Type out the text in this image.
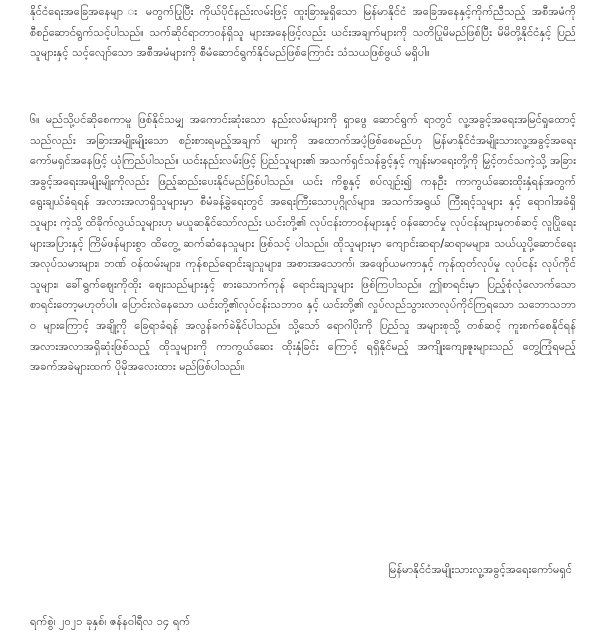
နိုင်ငံရေးအခြေအနေမျာ း မတွက်ပြုပြီး ကိုယ်ပိုင်နည်းလမ်းဖြင့် ထူးခြားမှုရှိသော မြန်မာနိုင်ငံ အခြေအနေနှင့်ကိုက်ညီသည့် အစီအမံကို စီစဉ်ဆောင်ရွက်သင့်ပါသည်။ သက်ဆိုင်ရာတာဝန်ရှိသူ များအနေဖြင့်လည်း ယင်းအချက်များကို သတိပြုမိမည်ဖြစ်ပြီး မိမိတို့နိုင်ငံနှင့် ပြည်သူများနှင့် သင့်လျော်သော အစီအမံများကို စီမံဆောင်ရွက်နိုင်မည်ဖြစ်ကြောင်း သံသယဖြစ်ဖွယ် မရှိပါ။

၆။ မည်သို့ပင်ဆိုစေကာမူ ဖြစ်နိုင်သမျှ အကောင်းဆုံးသော နည်းလမ်းများကို ရှာဖွေ ဆောင်ရွက် ရာတွင် လူ့အခွင့်အရေးအမြင်ရှုထောင့်သည်လည်း အခြားအမျိုးမျိုးသော စဉ်းစားရမည့်အချက် များကို အထောက်အပံ့ဖြစ်စေမည်ဟု မြန်မာနိုင်ငံအမျိုးသားလူ့အခွင့်အရေးကော်မရှင်အနေဖြင့် ယုံကြည်ပါသည်။ ယင်းနည်းလမ်းဖြင့် ပြည်သူများ၏ အသက်ရှင်သန်ခွင့်နှင့် ကျန်းမာရေးတို့ကို မြှင့်တင်သကဲ့သို့ အခြားအခွင့်အရေးအမျိုးမျိုးကိုလည်း ဖြည့်ဆည်းပေးနိုင်မည်ဖြစ်ပါသည်။ ယင်း ကိစ္စနှင့် စပ်လျဉ်း၍ ကနဦး ကာကွယ်ဆေးထိုးနှံရန်အတွက် ရွေးချယ်ခံရရန် အလားအလာရှိသူများမှာ စီမံခန့်ခွဲရေးတွင် အရေးကြီးသောပုဂ္ဂိုလ်များ၊ အသက်အရွယ် ကြီးရင့်သူများ နှင့် ရောဂါအခံရှိသူများ ကဲ့သို့ ထိခိုက်လွယ်သူများဟု မယူဆနိုင်သော်လည်း ယင်းတို့၏ လုပ်ငန်းတာဝန်များနှင့် ဝန်ဆောင်မှု လုပ်ငန်းများမှတစ်ဆင့် လူပြိုရေးများအပြားနှင့် ကြိမ်ဖန်များစွာ ထိတွေ့ ဆက်ဆံနေသူများ ဖြစ်သင့် ပါသည်။ ထိုသူများမှာ ကျောင်းဆရာ/ဆရာမများ၊ သယ်ယူပို့ဆောင်ရေးအလုပ်သမားများ၊ ဘဏ် ဝန်ထမ်းများ၊ ကုန်စည်ရောင်းချသူများ၊ အစားအသောက်၊ အဖျော်ယမကာနှင့် ကုန်ထုတ်လုပ်မှု လုပ်ငန်း လုပ်ကိုင် သူများ၊ ခေါ်ရွက်ဈေးကိုထိုး စျေးသည်များနှင့် စားသောက်ကုန် ရောင်းချသူများ ဖြစ်ကြပါသည်။ ဤစာရင်းမှာ ပြည့်စုံလုံလောက်သော စာရင်းတော့မဟုတ်ပါ။ ပြောင်းလဲနေသော ယင်းတို့၏လုပ်ငန်းသဘာဝ နှင့် ယင်းတို့၏ လှုပ်လည်သွားလာလုပ်ကိုင်ကြရသော သဘောသဘာဝ များကြောင့် အချို့ကို ခြေရာခံရန် အလွန်ခက်ခဲနိုင်ပါသည်။ သို့သော် ရောဂါပိုးကို ပြည်သူ အများစုသို့ တစ်ဆင့် ကူးစက်စေနိုင်ရန် အလားအလာအရှိဆုံးဖြစ်သည့် ထိုသူများကို ကာကွယ်ဆေး ထိုးနှံခြင်း ကြောင့် ရရှိနိုင်မည့် အကျိုးကျေးဇူးများသည် တွေ့ကြုံရမည့် အခက်အခဲများထက် ပိုမိုအလေးထား မည်ဖြစ်ပါသည်။

မြန်မာနိုင်ငံအမျိုးသားလူ့အခွင့်အရေးကော်မရှင်
ရက်စွဲ၊ ၂၀၂၁ ခုနှစ်၊ ဇန်နဝါရီလ ၁၄ ရက်
